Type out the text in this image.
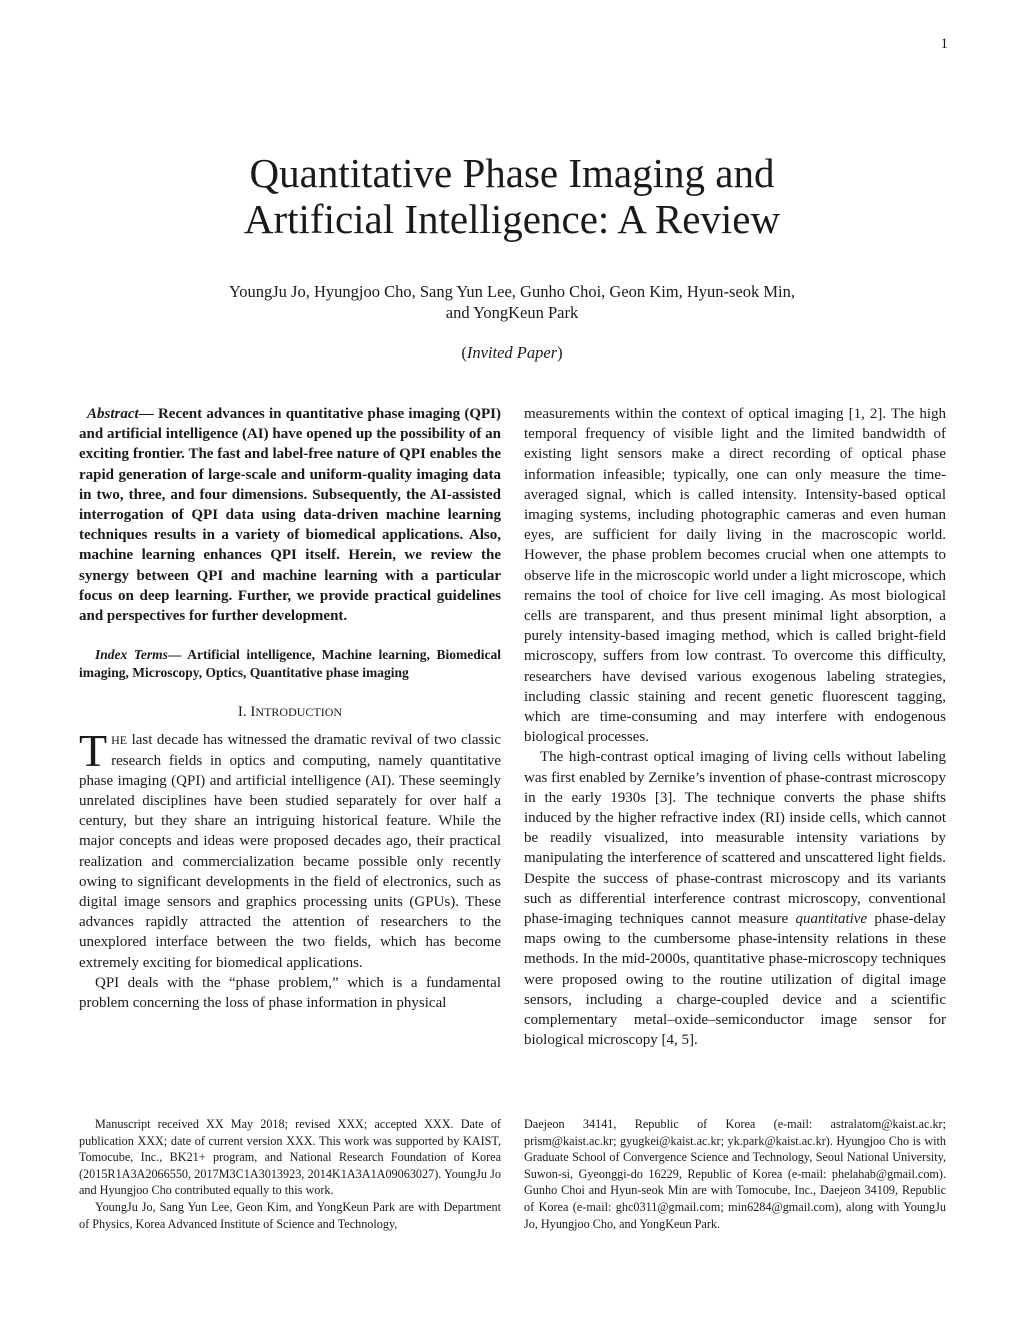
1
Quantitative Phase Imaging and
Artificial Intelligence: A Review
YoungJu Jo, Hyungjoo Cho, Sang Yun Lee, Gunho Choi, Geon Kim, Hyun-seok Min,
and YongKeun Park
(Invited Paper)

Abstract— Recent advances in quantitative phase imaging (QPI) and artificial intelligence (AI) have opened up the possibility of an exciting frontier. The fast and label-free nature of QPI enables the rapid generation of large-scale and uniform-quality imaging data in two, three, and four dimensions. Subsequently, the AI-assisted interrogation of QPI data using data-driven machine learning techniques results in a variety of biomedical applications. Also, machine learning enhances QPI itself. Herein, we review the synergy between QPI and machine learning with a particular focus on deep learning. Further, we provide practical guidelines and perspectives for further development.

Index Terms— Artificial intelligence, Machine learning, Biomedical imaging, Microscopy, Optics, Quantitative phase imaging

I. INTRODUCTION

THE last decade has witnessed the dramatic revival of two classic research fields in optics and computing, namely quantitative phase imaging (QPI) and artificial intelligence (AI). These seemingly unrelated disciplines have been studied separately for over half a century, but they share an intriguing historical feature. While the major concepts and ideas were proposed decades ago, their practical realization and commercialization became possible only recently owing to significant developments in the field of electronics, such as digital image sensors and graphics processing units (GPUs). These advances rapidly attracted the attention of researchers to the unexplored interface between the two fields, which has become extremely exciting for biomedical applications.

QPI deals with the “phase problem,” which is a fundamental problem concerning the loss of phase information in physical

measurements within the context of optical imaging [1, 2]. The high temporal frequency of visible light and the limited bandwidth of existing light sensors make a direct recording of optical phase information infeasible; typically, one can only measure the time-averaged signal, which is called intensity. Intensity-based optical imaging systems, including photographic cameras and even human eyes, are sufficient for daily living in the macroscopic world. However, the phase problem becomes crucial when one attempts to observe life in the microscopic world under a light microscope, which remains the tool of choice for live cell imaging. As most biological cells are transparent, and thus present minimal light absorption, a purely intensity-based imaging method, which is called bright-field microscopy, suffers from low contrast. To overcome this difficulty, researchers have devised various exogenous labeling strategies, including classic staining and recent genetic fluorescent tagging, which are time-consuming and may interfere with endogenous biological processes.

The high-contrast optical imaging of living cells without labeling was first enabled by Zernike’s invention of phase-contrast microscopy in the early 1930s [3]. The technique converts the phase shifts induced by the higher refractive index (RI) inside cells, which cannot be readily visualized, into measurable intensity variations by manipulating the interference of scattered and unscattered light fields. Despite the success of phase-contrast microscopy and its variants such as differential interference contrast microscopy, conventional phase-imaging techniques cannot measure quantitative phase-delay maps owing to the cumbersome phase-intensity relations in these methods. In the mid-2000s, quantitative phase-microscopy techniques were proposed owing to the routine utilization of digital image sensors, including a charge-coupled device and a scientific complementary metal–oxide–semiconductor image sensor for biological microscopy [4, 5].

Manuscript received XX May 2018; revised XXX; accepted XXX. Date of publication XXX; date of current version XXX. This work was supported by KAIST, Tomocube, Inc., BK21+ program, and National Research Foundation of Korea (2015R1A3A2066550, 2017M3C1A3013923, 2014K1A3A1A09063027). YoungJu Jo and Hyungjoo Cho contributed equally to this work.

YoungJu Jo, Sang Yun Lee, Geon Kim, and YongKeun Park are with Department of Physics, Korea Advanced Institute of Science and Technology,

Daejeon 34141, Republic of Korea (e-mail: astralatom@kaist.ac.kr; prism@kaist.ac.kr; gyugkei@kaist.ac.kr; yk.park@kaist.ac.kr). Hyungjoo Cho is with Graduate School of Convergence Science and Technology, Seoul National University, Suwon-si, Gyeonggi-do 16229, Republic of Korea (e-mail: phelahab@gmail.com). Gunho Choi and Hyun-seok Min are with Tomocube, Inc., Daejeon 34109, Republic of Korea (e-mail: ghc0311@gmail.com; min6284@gmail.com), along with YoungJu Jo, Hyungjoo Cho, and YongKeun Park.
